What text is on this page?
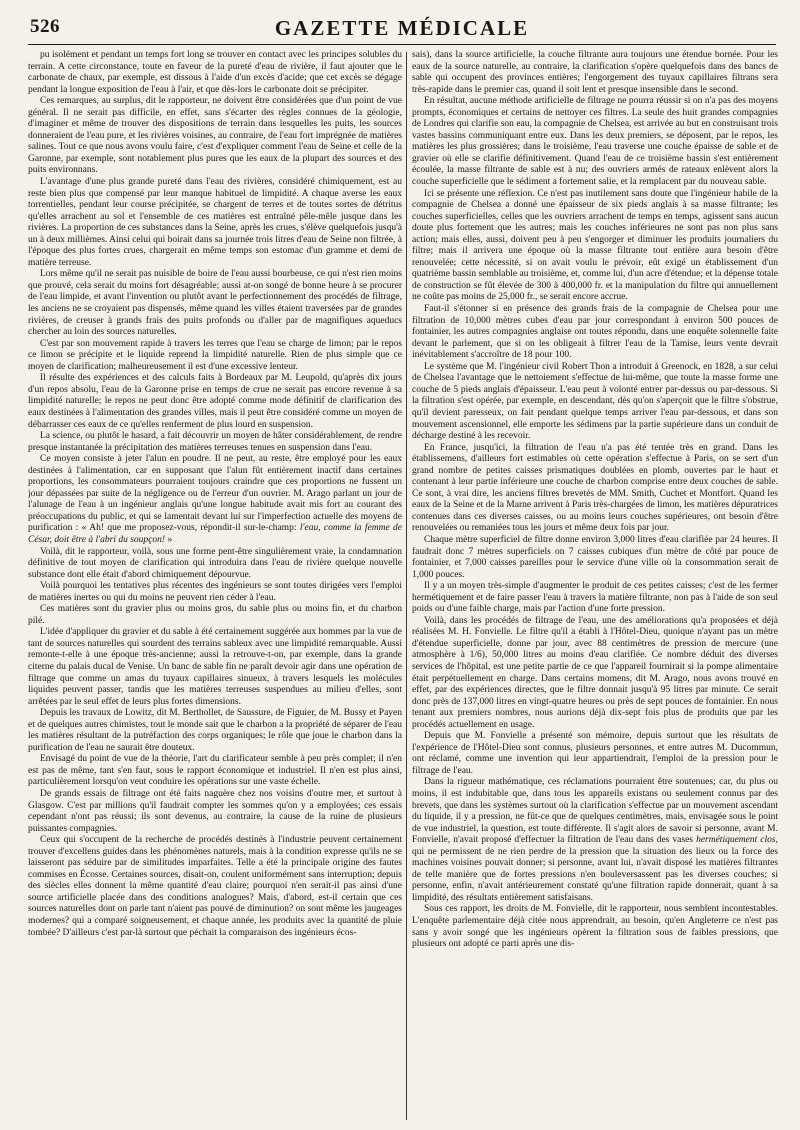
526	GAZETTE MÉDICALE

pu isolément et pendant un temps fort long se trouver en contact avec les principes solubles du terrain. A cette circonstance, toute en faveur de la pureté d'eau de rivière, il faut ajouter que le carbonate de chaux, par exemple, est dissous à l'aide d'un excès d'acide; que cet excès se dégage pendant la longue exposition de l'eau à l'air, et que dès-lors le carbonate doit se précipiter.

Ces remarques, au surplus, dit le rapporteur, ne doivent être considérées que d'un point de vue général. Il ne serait pas difficile, en effet, sans s'écarter des règles connues de la géologie, d'imaginer et même de trouver des dispositions de terrain dans lesquelles les puits, les sources donneraient de l'eau pure, et les rivières voisines, au contraire, de l'eau fort imprégnée de matières salines. Tout ce que nous avons voulu faire, c'est d'expliquer comment l'eau de Seine et celle de la Garonne, par exemple, sont notablement plus pures que les eaux de la plupart des sources et des puits environnans.

L'avantage d'une plus grande pureté dans l'eau des rivières, considéré chimiquement, est au reste bien plus que compensé par leur manque habituel de limpidité. A chaque averse les eaux torrentielles, pendant leur course précipitée, se chargent de terres et de toutes sortes de détritus qu'elles arrachent au sol et l'ensemble de ces matières est entraîné pêle-mêle jusque dans les rivières. La proportion de ces substances dans la Seine, après les crues, s'élève quelquefois jusqu'à un à deux millièmes. Ainsi celui qui boirait dans sa journée trois litres d'eau de Seine non filtrée, à l'époque des plus fortes crues, chargerait en même temps son estomac d'un gramme et demi de matière terreuse.

Lors même qu'il ne serait pas nuisible de boire de l'eau aussi bourbeuse, ce qui n'est rien moins que prouvé, cela serait du moins fort désagréable; aussi at-on songé de bonne heure à se procurer de l'eau limpide, et avant l'invention ou plutôt avant le perfectionnement des procédés de filtrage, les anciens ne se croyaient pas dispensés, même quand les villes étaient traversées par de grandes rivières, de creuser à grands frais des puits profonds ou d'aller par de magnifiques aqueducs chercher au loin des sources naturelles.

C'est par son mouvement rapide à travers les terres que l'eau se charge de limon; par le repos ce limon se précipite et le liquide reprend la limpidité naturelle. Rien de plus simple que ce moyen de clarification; malheureusement il est d'une excessive lenteur.

Il résulte des expériences et des calculs faits à Bordeaux par M. Leupold, qu'après dix jours d'un repos absolu, l'eau de la Garonne prise en temps de crue ne serait pas encore revenue à sa limpidité naturelle; le repos ne peut donc être adopté comme mode définitif de clarification des eaux destinées à l'alimentation des grandes villes, mais il peut être considéré comme un moyen de débarrasser ces eaux de ce qu'elles renferment de plus lourd en suspension.

La science, ou plutôt le hasard, a fait découvrir un moyen de hâter considérablement, de rendre presque instantanée la précipitation des matières terreuses tenues en suspension dans l'eau.

Ce moyen consiste à jeter l'alun en poudre. Il ne peut, au reste, être employé pour les eaux destinées à l'alimentation, car en supposant que l'alun fût entièrement inactif dans certaines proportions, les consommateurs pourraient toujours craindre que ces proportions ne fussent un jour dépassées par suite de la négligence ou de l'erreur d'un ouvrier. M. Arago parlant un jour de l'alunage de l'eau à un ingénieur anglais qu'une longue habitude avait mis fort au courant des préoccupations du public, et qui se lamentait devant lui sur l'imperfection actuelle des moyens de purification : « Ah! que me proposez-vous, répondit-il sur-le-champ: l'eau, comme la femme de César, doit être à l'abri du soupçon! »

Voilà, dit le rapporteur, voilà, sous une forme pent-être singulièrement vraie, la condamnation définitive de tout moyen de clarification qui introduira dans l'eau de rivière quelque nouvelle substance dont elle était d'abord chimiquement dépourvue.

Voilà pourquoi les tentatives plus récentes des ingénieurs se sont toutes dirigées vers l'emploi de matières inertes ou qui du moins ne peuvent rien céder à l'eau.

Ces matières sont du gravier plus ou moins gros, du sable plus ou moins fin, et du charbon pilé.

L'idée d'appliquer du gravier et du sable à été certainement suggérée aux hommes par la vue de tant de sources naturelles qui sourdent des terrains sableux avec une limpidité remarquable. Aussi remonte-t-elle à une époque très-ancienne; aussi la retrouve-t-on, par exemple, dans la grande citerne du palais ducal de Venise. Un banc de sable fin ne paraît devoir agir dans une opération de filtrage que comme un amas du tuyaux capillaires sinueux, à travers lesquels les molécules liquides peuvent passer, tandis que les matières terreuses suspendues au milieu d'elles, sont arrêtées par le seul effet de leurs plus fortes dimensions.

Depuis les travaux de Lowitz, dit M. Berthollet, de Saussure, de Figuier, de M. Bussy et Payen et de quelques autres chimistes, tout le monde sait que le charbon a la propriété de séparer de l'eau les matières résultant de la putréfaction des corps organiques; le rôle que joue le charbon dans la purification de l'eau ne saurait être douteux.

Envisagé du point de vue de la théorie, l'art du clarificateur semble à peu près complet; il n'en est pas de même, tant s'en faut, sous le rapport économique et industriel. Il n'en est plus ainsi, particulièrement lorsqu'on veut conduire les opérations sur une vaste échelle.

De grands essais de filtrage ont été faits naguère chez nos voisins d'outre mer, et surtout à Glasgow. C'est par millions qu'il faudrait compter les sommes qu'on y a employées; ces essais cependant n'ont pas réussi; ils sont devenus, au contraire, la cause de la ruine de plusieurs puissantes compagnies.

Ceux qui s'occupent de la recherche de procédés destinés à l'industrie peuvent certainement trouver d'excellens guides dans les phénomènes naturels, mais à la condition expresse qu'ils ne se laisseront pas séduire par de similitudes imparfaites. Telle a été la principale origine des fautes commises en Écosse. Certaines sources, disait-on, coulent uniformément sans interruption; depuis des siècles elles donnent la même quantité d'eau claire; pourquoi n'en serait-il pas ainsi d'une source artificielle placée dans des conditions analogues? Mais, d'abord, est-il certain que ces sources naturelles dont on parle tant n'aient pas pouvé de diminution? on sont même les jaugeages modernes? qui a comparé soigneusement, et chaque année, les produits avec la quantité de pluie tombée? D'ailleurs c'est par-là surtout que péchait la comparaison des ingénieurs écos-

sais), dans la source artificielle, la couche filtrante aura toujours une étendue bornée. Pour les eaux de la source naturelle, au contraire, la clarification s'opère quelquefois dans des bancs de sable qui occupent des provinces entières; l'engorgement des tuyaux capillaires filtrans sera très-rapide dans le premier cas, quand il soit lent et presque insensible dans le second.

En résultat, aucune méthode artificielle de filtrage ne pourra réussir si on n'a pas des moyens prompts, économiques et certains de nettoyer ces filtres. La seule des huit grandes compagnies de Londres qui clarifie son eau, la compagnie de Chelsea, est arrivée au but en construisant trois vastes bassins communiquant entre eux. Dans les deux premiers, se déposent, par le repos, les matières les plus grossières; dans le troisième, l'eau traverse une couche épaisse de sable et de gravier où elle se clarifie définitivement. Quand l'eau de ce troisième bassin s'est entièrement écoulée, la masse filtrante de sable est à nu; des ouvriers armés de rateaux enlèvent alors la couche superficielle que le sédiment a fortement salie, et la remplacent par du nouveau sable.

Ici se présente une réflexion. Ce n'est pas inutilement sans doute que l'ingénieur habile de la compagnie de Chelsea a donné une épaisseur de six pieds anglais à sa masse filtrante; les couches superficielles, celles que les ouvriers arrachent de temps en temps, agissent sans aucun doute plus fortement que les autres; mais les couches inférieures ne sont pas non plus sans action; mais elles, aussi, doivent peu à peu s'engorger et diminuer les produits journaliers du filtre; mais il arrivera une époque où la masse filtrante tout entière aura besoin d'être renouvelée; cette nécessité, si on avait voulu le prévoir, eût exigé un établissement d'un quatrième bassin semblable au troisième, et, comme lui, d'un acre d'étendue; et la dépense totale de construction se fût élevée de 300 à 400,000 fr. et la manipulation du filtre qui annuellement ne coûte pas moins de 25,000 fr., se serait encore accrue.

Faut-il s'étonner si en présence des grands frais de la compagnie de Chelsea pour une filtration de 10,000 mètres cubes d'eau par jour correspondant à environ 500 pouces de fontainier, les autres compagnies anglaise ont toutes répondu, dans une enquête solennelle faite devant le parlement, que si on les obligeait à filtrer l'eau de la Tamise, leurs vente devrait inévitablement s'accroître de 18 pour 100.

Le système que M. l'ingénieur civil Robert Thon a introduit à Greenock, en 1828, a sur celui de Chelsea l'avantage que le nettoiement s'effectue de lui-même, que toute la masse forme une couche de 5 pieds anglais d'épaisseur. L'eau peut à volonté entrer par-dessus ou par-dessous. Si la filtration s'est opérée, par exemple, en descendant, dès qu'on s'aperçoit que le filtre s'obstrue, qu'il devient paresseux, on fait pendant quelque temps arriver l'eau par-dessous, et dans son mouvement ascensionnel, elle emporte les sédimens par la partie supérieure dans un conduit de décharge destiné à les recevoir.

En France, jusqu'ici, la filtration de l'eau n'a pas été tentée très en grand. Dans les établissemens, d'ailleurs fort estimables où cette opération s'effectue à Paris, on se sert d'un grand nombre de petites caisses prismatiques doublées en plomb, ouvertes par le haut et contenant à leur partie inférieure une couche de charbon comprise entre deux couches de sable. Ce sont, à vrai dire, les anciens filtres brevetés de MM. Smith, Cuchet et Montfort. Quand les eaux de la Seine et de la Marne arrivent à Paris très-chargées de limon, les matières dépuratrices contenues dans ces diverses caisses, ou au moins leurs couches supérieures, ont besoin d'être renouvelées ou remaniées tous les jours et même deux fois par jour.

Chaque mètre superficiel de filtre donne environ 3,000 litres d'eau clarifiée par 24 heures. Il faudrait donc 7 mètres superficiels on 7 caisses cubiques d'un mètre de côté par pouce de fontainier, et 7,000 caisses pareilles pour le service d'une ville où la consommation serait de 1,000 pouces.

Il y a un moyen très-simple d'augmenter le produit de ces petites caisses; c'est de les fermer hermétiquement et de faire passer l'eau à travers la matière filtrante, non pas à l'aide de son seul poids ou d'une faible charge, mais par l'action d'une forte pression.

Voilà, dans les procédés de filtrage de l'eau, une des améliorations qu'a proposées et déjà réalisées M. H. Fonvielle. Le filtre qu'il a établi à l'Hôtel-Dieu, quoique n'ayant pas un mètre d'étendue superficielle, donne par jour, avec 88 centimètres de pression de mercure (une atmosphère à 1/6), 50,000 litres au moins d'eau clarifiée. Ce nombre déduit des diverses services de l'hôpital, est une petite partie de ce que l'appareil fournirait si la pompe alimentaire était perpétuellement en charge. Dans certains momens, dit M. Arago, nous avons trouvé en effet, par des expériences directes, que le filtre donnait jusqu'à 95 litres par minute. Ce serait donc près de 137,000 litres en vingt-quatre heures ou près de sept pouces de fontainier. En nous tenant aux premiers nombres, nous aurions déjà dix-sept fois plus de produits que par les procédés actuellement en usage.

Depuis que M. Fonvielle a présenté son mémoire, depuis surtout que les résultats de l'expérience de l'Hôtel-Dieu sont connus, plusieurs personnes, et entre autres M. Ducommun, ont réclamé, comme une invention qui leur appartiendrait, l'emploi de la pression pour le filtrage de l'eau.

Dans la rigueur mathématique, ces réclamations pourraient être soutenues; car, du plus ou moins, il est indubitable que, dans tous les appareils existans ou seulement connus par des brevets, que dans les systèmes surtout où la clarification s'effectue par un mouvement ascendant du liquide, il y a pression, ne fût-ce que de quelques centimètres, mais, envisagée sous le point de vue industriel, la question, est toute différente. Il s'agit alors de savoir si personne, avant M. Fonvielle, n'avait proposé d'effectuer la filtration de l'eau dans des vases hermétiquement clos, qui ne permissent de ne rien perdre de la pression que la situation des lieux ou la force des machines voisines pouvait donner; si personne, avant lui, n'avait disposé les matières filtrantes de telle manière que de fortes pressions n'en bouleversassent pas les diverses couches; si personne, enfin, n'avait antérieurement constaté qu'une filtration rapide donnerait, quant à sa limpidité, des résultats entièrement satisfaisans.

Sous ces rapport, les droits de M. Fonvielle, dit le rapporteur, nous semblent incontestables. L'enquête parlementaire déjà citée nous apprendrait, au besoin, qu'en Angleterre ce n'est pas sans y avoir songé que les ingénieurs opèrent la filtration sous de faibles pressions, que plusieurs ont adopté ce parti après une dis-
